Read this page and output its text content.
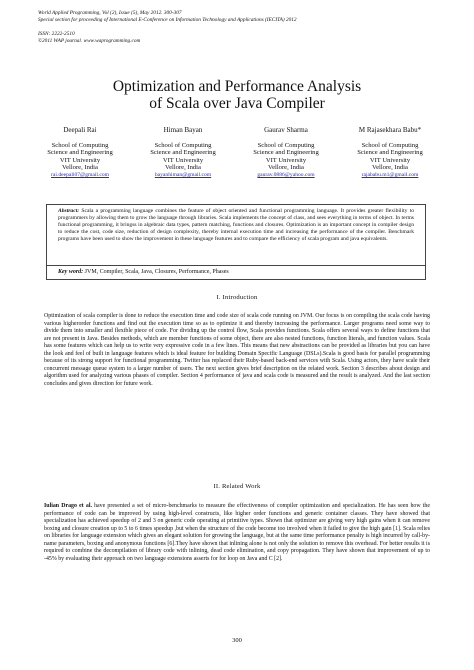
World Applied Programming, Vol (2), Issue (5), May 2012. 300-307
Special section for proceeding of International E-Conference on Information Technology and Applications (IECITA) 2012
ISSN: 2222-2510
©2011 WAP journal. www.waprogramming.com
Optimization and Performance Analysis
of Scala over Java Compiler
Deepali Rai
School of Computing
Science and Engineering
VIT University
Vellore, India
rai.deepali07@gmail.com
Himan Bayan
School of Computing
Science and Engineering
VIT University
Vellore, India
bayanhiman@gmail.com
Gaurav Sharma
School of Computing
Science and Engineering
VIT University
Vellore, India
gaurav.0886@yahoo.com
M Rajasekhara Babu*
School of Computing
Science and Engineering
VIT University
Vellore, India
rajababu.m1@gmail.com
Abstract: Scala a programming language combines the feature of object oriented and functional programming language. It provides greater flexibility to programmers by allowing them to grow the language through libraries. Scala implements the concept of class, and sees everything in terms of object. In terms functional programming, it bringss in algebraic data types, pattern matching, functions and closures. Optimization is an important concept in compiler design to reduce the cost, code size, reduction of design complexity, thereby internal execution time and increasing the performance of the compiler. Benchmark programs have been used to show the improvement in these language features and to compare the efficiency of scala program and java equivalents.
Key word: JVM, Compiler, Scala, Java, Closures, Performance, Phases
I. Introduction
Optimization of scala compiler is done to reduce the execution time and code size of scala code running on JVM. Our focus is on compiling the scala code having various higherorder functions and find out the execution time so as to optimize it and thereby increasing the performance. Larger programs need some way to divide them into smaller and flexible piece of code. For dividing up the control flow, Scala provides functions. Scala offers several ways to define functions that are not present in Java. Besides methods, which are member functions of some object, there are also nested functions, function literals, and function values. Scala has some features which can help us to write very expressive code in a few lines. This means that new abstractions can be provided as libraries but you can have the look and feel of built in language features which is ideal feature for building Domain Specific Language (DSLs).Scala is good basis for parallel programming because of its strong support for functional programming. Twitter has replaced their Ruby-based back-end services with Scala. Using actors, they have scale their concurrent message queue system to a larger number of users. The next section gives brief description on the related work. Section 3 describes about design and algorithm used for analyzing various phases of compiler. Section 4 performance of java and scala code is measured and the result is analyzed. And the last section concludes and gives direction for future work.
II. Related Work
Iulian Drago et al. have presented a set of micro-benchmarks to measure the effectiveness of compiler optimization and specialization. He has seen how the performance of code can be improved by using high-level constructs, like higher order functions and generic container classes. They have showed that specialization has achieved speedup of 2 and 3 on generic code operating at primitive types. Shown that optimizer are giving very high gains when it can remove boxing and closure creation up to 5 to 6 times speedup ,but when the structure of the code become too involved when it failed to give the high gain [1]. Scala relies on libraries for language extension which gives an elegant solution for growing the language, but at the same time performance penalty is high incurred by call-by-name parameters, boxing and anonymous functions [6].They have shown that inlining alone is not only the solution to remove this overhead. For better results it is required to combine the decompilation of library code with inlining, dead code elimination, and copy propagation. They have shown that improvement of up to -45% by evaluating their approach on two language extensions asserts for for loop on Java and C [2].
300
